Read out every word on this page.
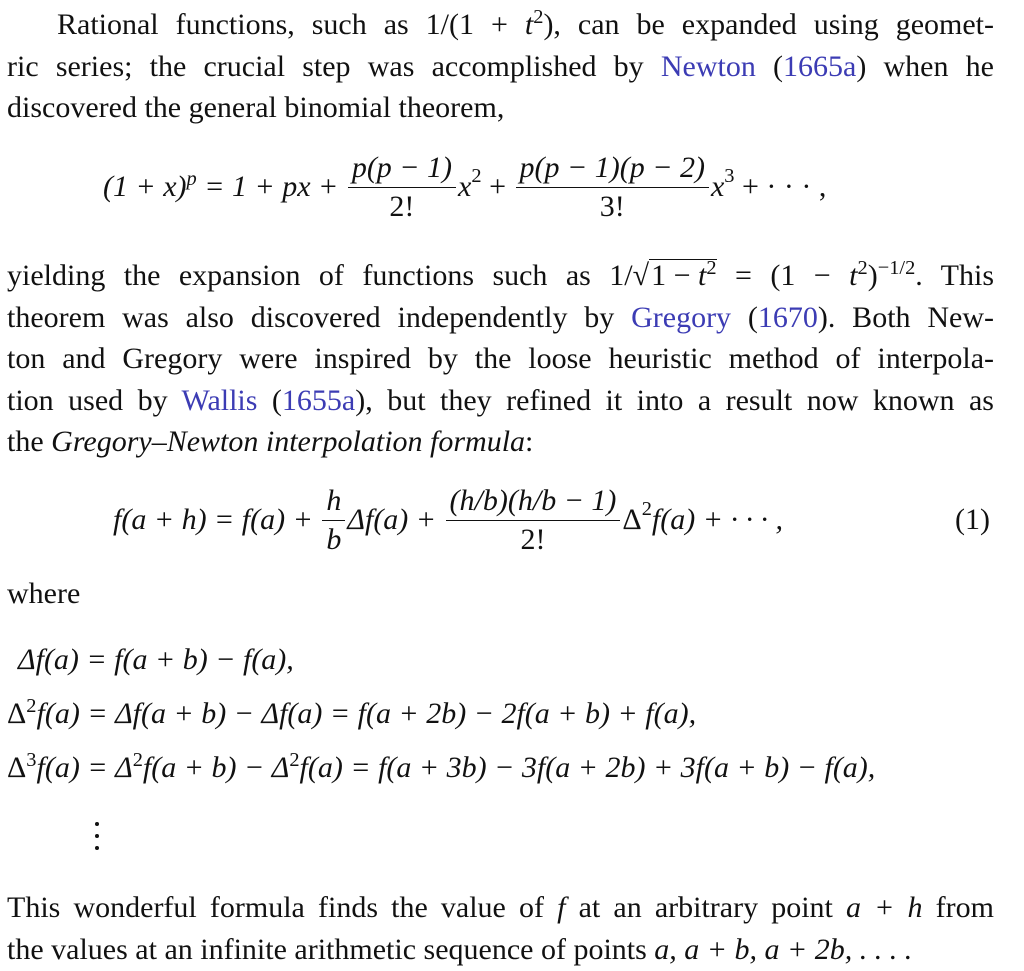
Rational functions, such as $1/(1 + t^2)$, can be expanded using geomet-
ric series; the crucial step was accomplished by Newton (1665a) when he
discovered the general binomial theorem,

$(1 + x)^p = 1$ + px + $\frac{p(p - 1)}{2!} x^2 + \frac{p(p - 1)(p - 2)}{3!} x^3$ + · · · ,

yielding the expansion of functions such as $1/√1 - t^2 = (1 - t^2)^{-1/2}$. This
theorem was also discovered independently by Gregory (1670). Both New-
ton and Gregory were inspired by the loose heuristic method of interpola-
tion used by Wallis (1655a), but they refined it into a result now known as
the Gregory–Newton interpolation formula:

$f(a + h) = f(a) + \frac{h}{b} \Delta f(a) + \frac{(h/b)(h/b - 1)}{2!} \Delta^2$ f(a) + · · · ,	(1)
where
Δf(a) = f(a + b) − f(a),
$\Delta^2f(a) = \Delta f(a + b) - \Delta f(a) = f(a + 2b) - 2f(a + b) + f(a)$,
$\Delta^3f(a) = \Delta^2f(a + b) - \Delta^2f(a) = f(a + 3b) - 3f(a + 2b) + 3f(a + b) - f(a)$,

This wonderful formula finds the value of f at an arbitrary point a + h from
the values at an infinite arithmetic sequence of points a, a + b, a + 2b, . . . .
